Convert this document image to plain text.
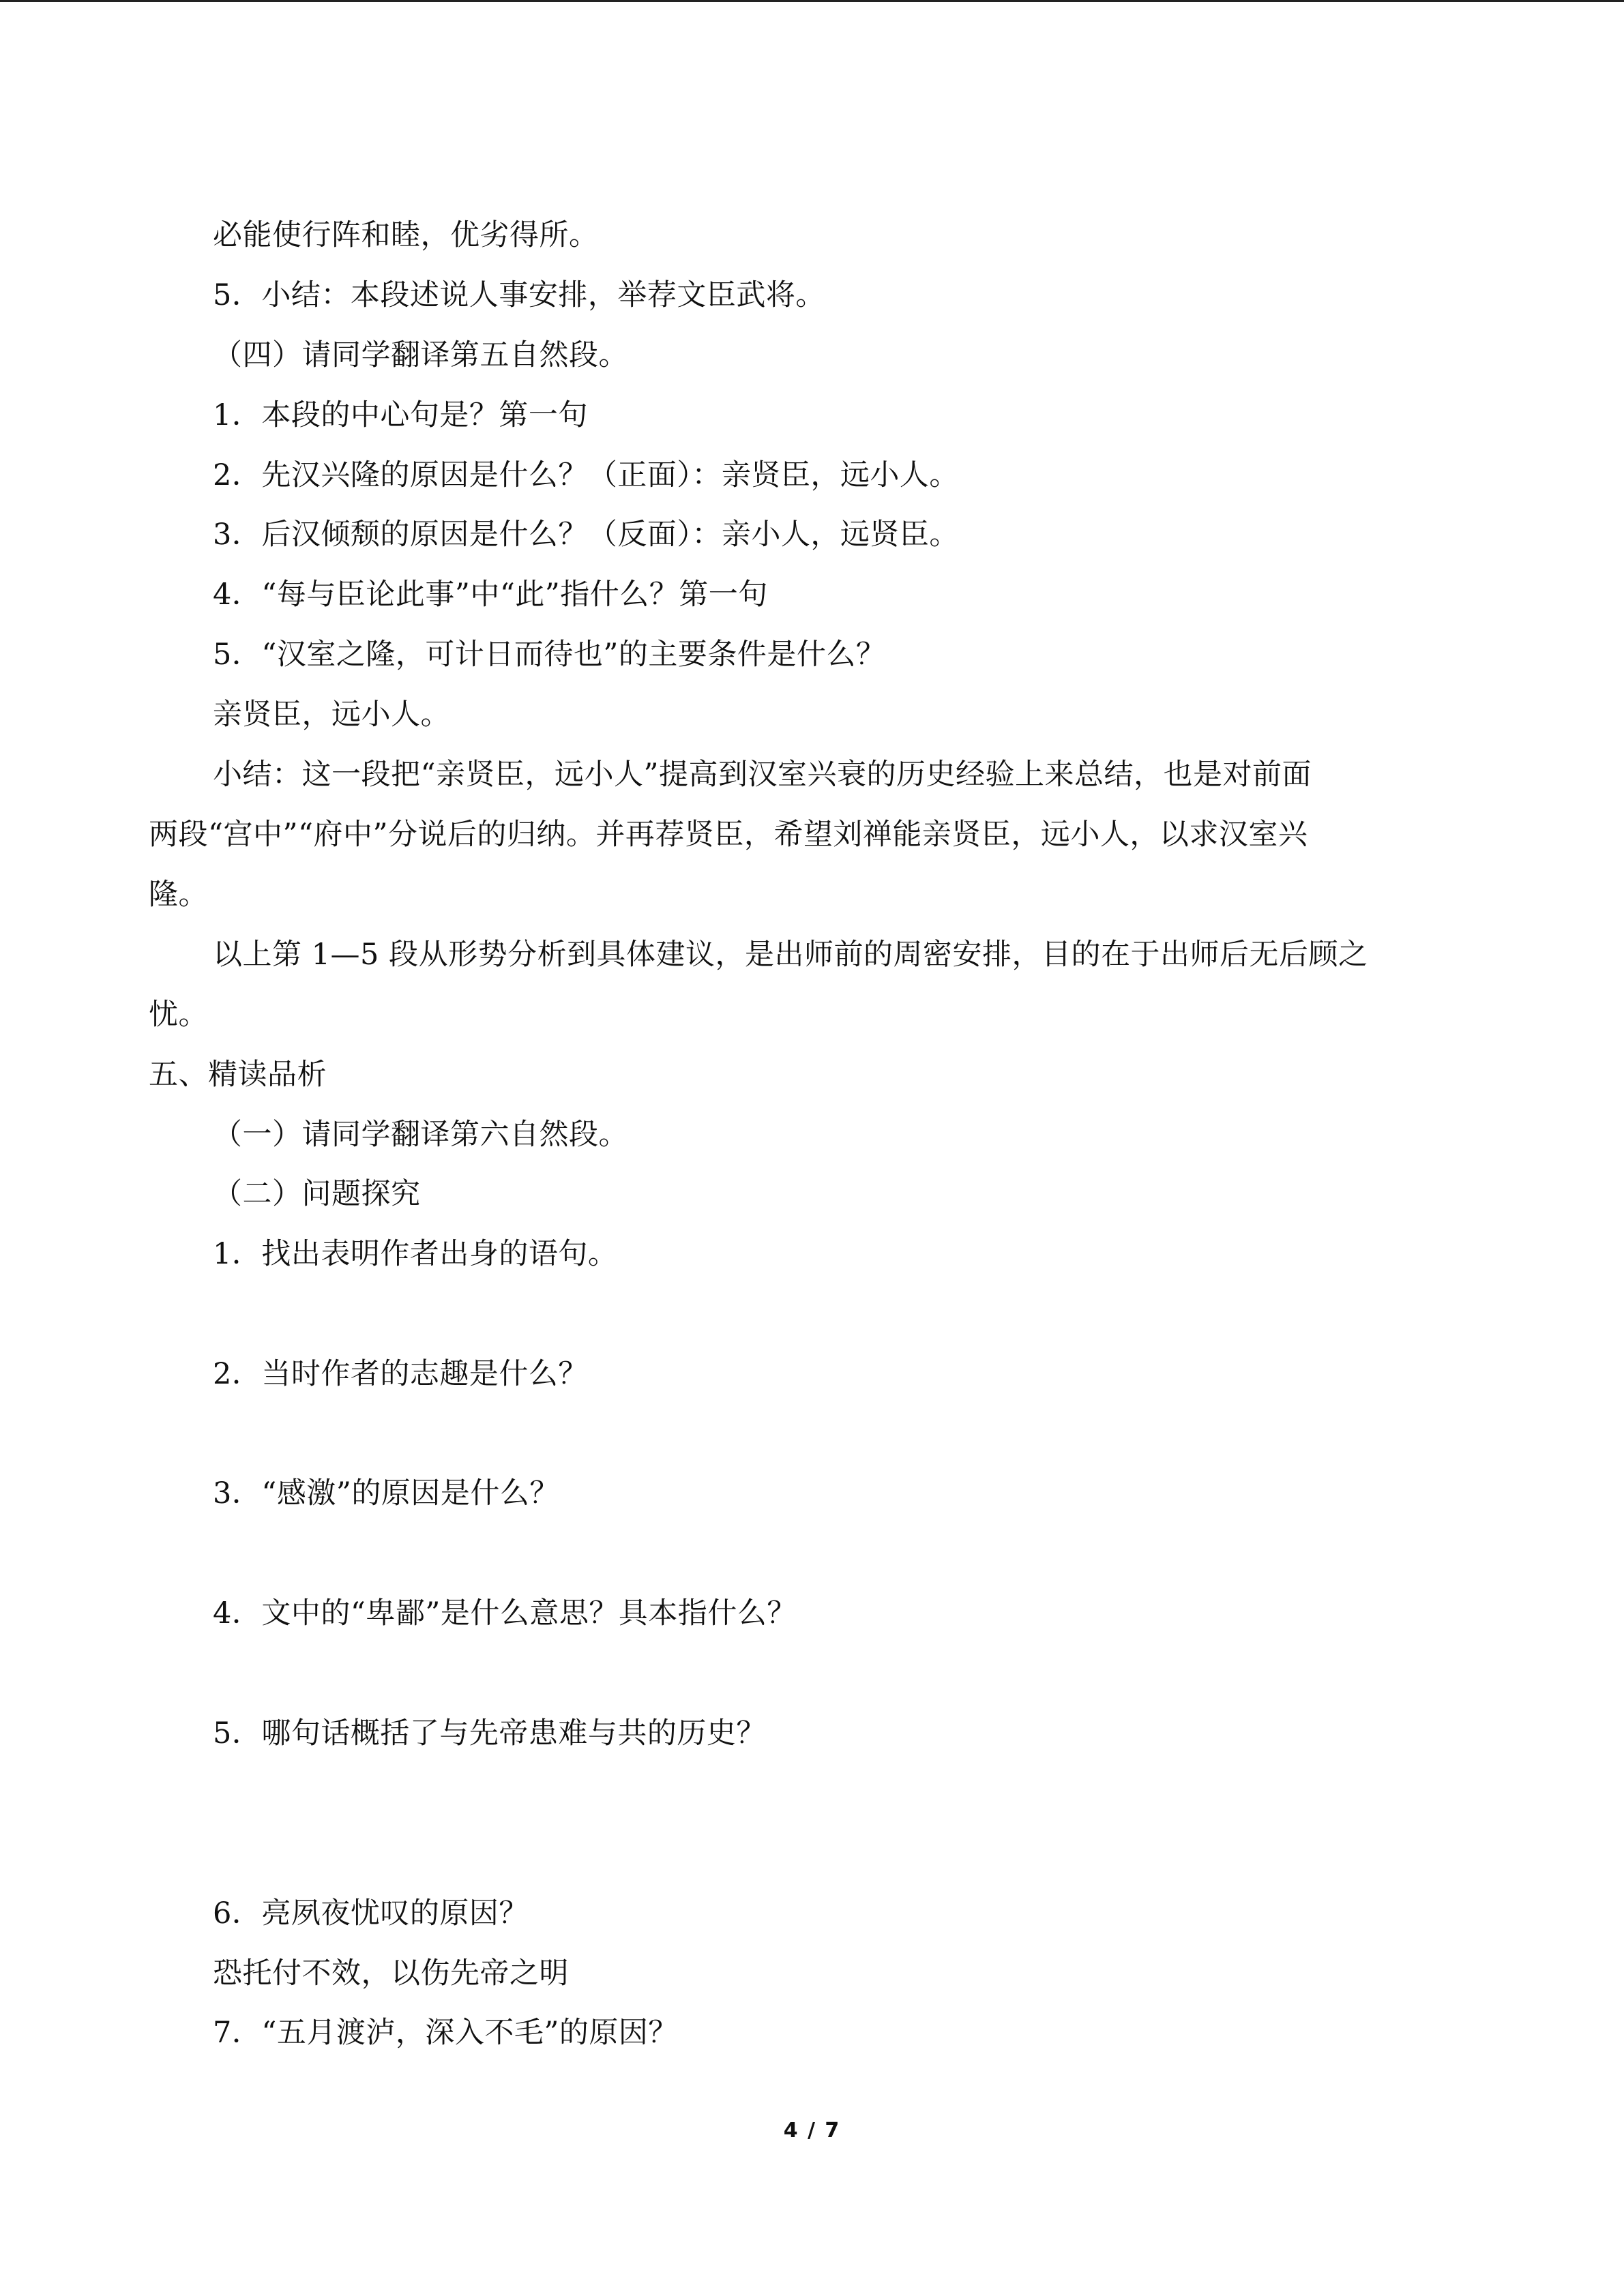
必能使行阵和睦，优劣得所。
5．小结：本段述说人事安排，举荐文臣武将。
（四）请同学翻译第五自然段。
1．本段的中心句是？第一句
2．先汉兴隆的原因是什么？（正面）：亲贤臣，远小人。
3．后汉倾颓的原因是什么？（反面）：亲小人，远贤臣。
4．“每与臣论此事”中“此”指什么？第一句
5．“汉室之隆，可计日而待也”的主要条件是什么？
亲贤臣，远小人。
小结：这一段把“亲贤臣，远小人”提高到汉室兴衰的历史经验上来总结，也是对前面
两段“宫中”“府中”分说后的归纳。并再荐贤臣，希望刘禅能亲贤臣，远小人，以求汉室兴
隆。
以上第 1—5 段从形势分析到具体建议，是出师前的周密安排，目的在于出师后无后顾之
忧。
五、精读品析
（一）请同学翻译第六自然段。
（二）问题探究
1．找出表明作者出身的语句。
2．当时作者的志趣是什么？
3．“感激”的原因是什么？
4．文中的“卑鄙”是什么意思？具本指什么？
5．哪句话概括了与先帝患难与共的历史？
6．亮夙夜忧叹的原因？
恐托付不效，以伤先帝之明
7．“五月渡泸，深入不毛”的原因？
4 / 7
